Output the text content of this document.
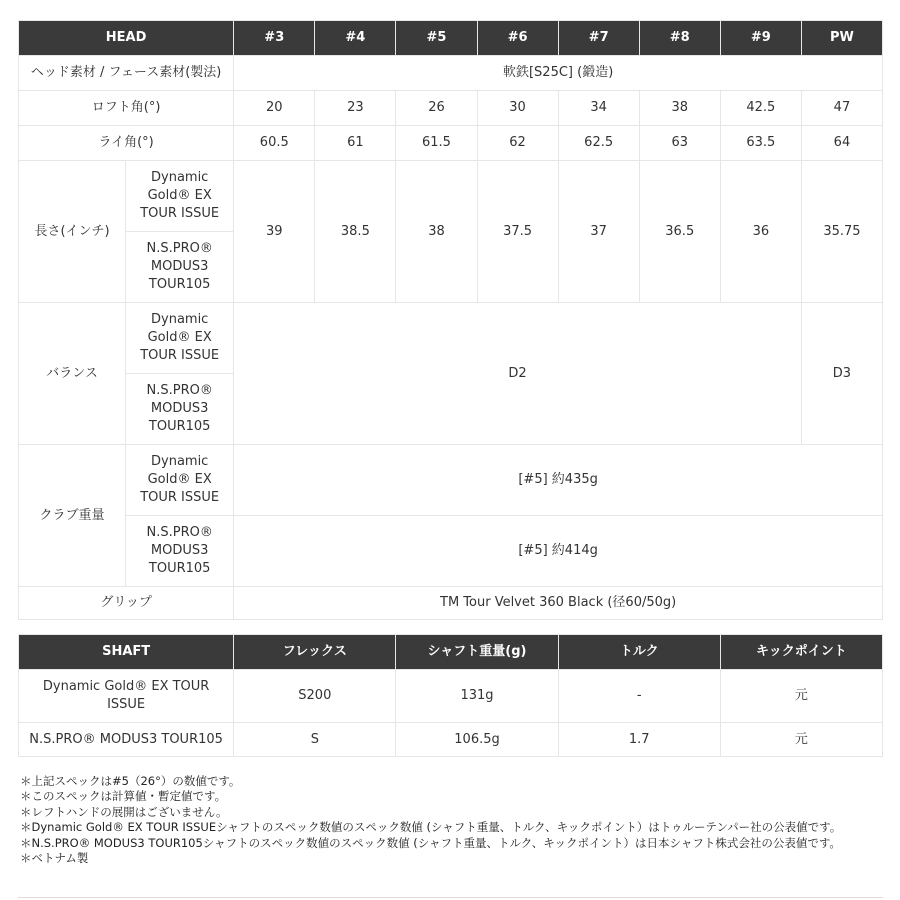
HEAD		#3	#4	#5	#6	#7	#8	#9	PW
ヘッド素材 / フェース素材(製法)		軟鉄[S25C] (鍛造)							
ロフト角(°)		20	23	26	30	34	38	42.5	47
ライ角(°)		60.5	61	61.5	62	62.5	63	63.5	64
長さ(インチ)	Dynamic Gold® EX TOUR ISSUE	39	38.5	38	37.5	37	36.5	36	35.75
	N.S.PRO® MODUS3 TOUR105								
バランス	Dynamic Gold® EX TOUR ISSUE	D2							D3
	N.S.PRO® MODUS3 TOUR105								
クラブ重量	Dynamic Gold® EX TOUR ISSUE	[#5] 約435g							
	N.S.PRO® MODUS3 TOUR105	[#5] 約414g							
グリップ		TM Tour Velvet 360 Black (径60/50g)							
SHAFT	フレックス	シャフト重量(g)	トルク	キックポイント
Dynamic Gold® EX TOUR ISSUE	S200	131g	-	元
N.S.PRO® MODUS3 TOUR105	S	106.5g	1.7	元
＊上記スペックは#5（26°）の数値です。
＊このスペックは計算値・暫定値です。
＊レフトハンドの展開はございません。
＊Dynamic Gold® EX TOUR ISSUEシャフトのスペック数値のスペック数値 (シャフト重量、トルク、キックポイント）はトゥルーテンパー社の公表値です。
＊N.S.PRO® MODUS3 TOUR105シャフトのスペック数値のスペック数値 (シャフト重量、トルク、キックポイント）は日本シャフト株式会社の公表値です。
＊ベトナム製
